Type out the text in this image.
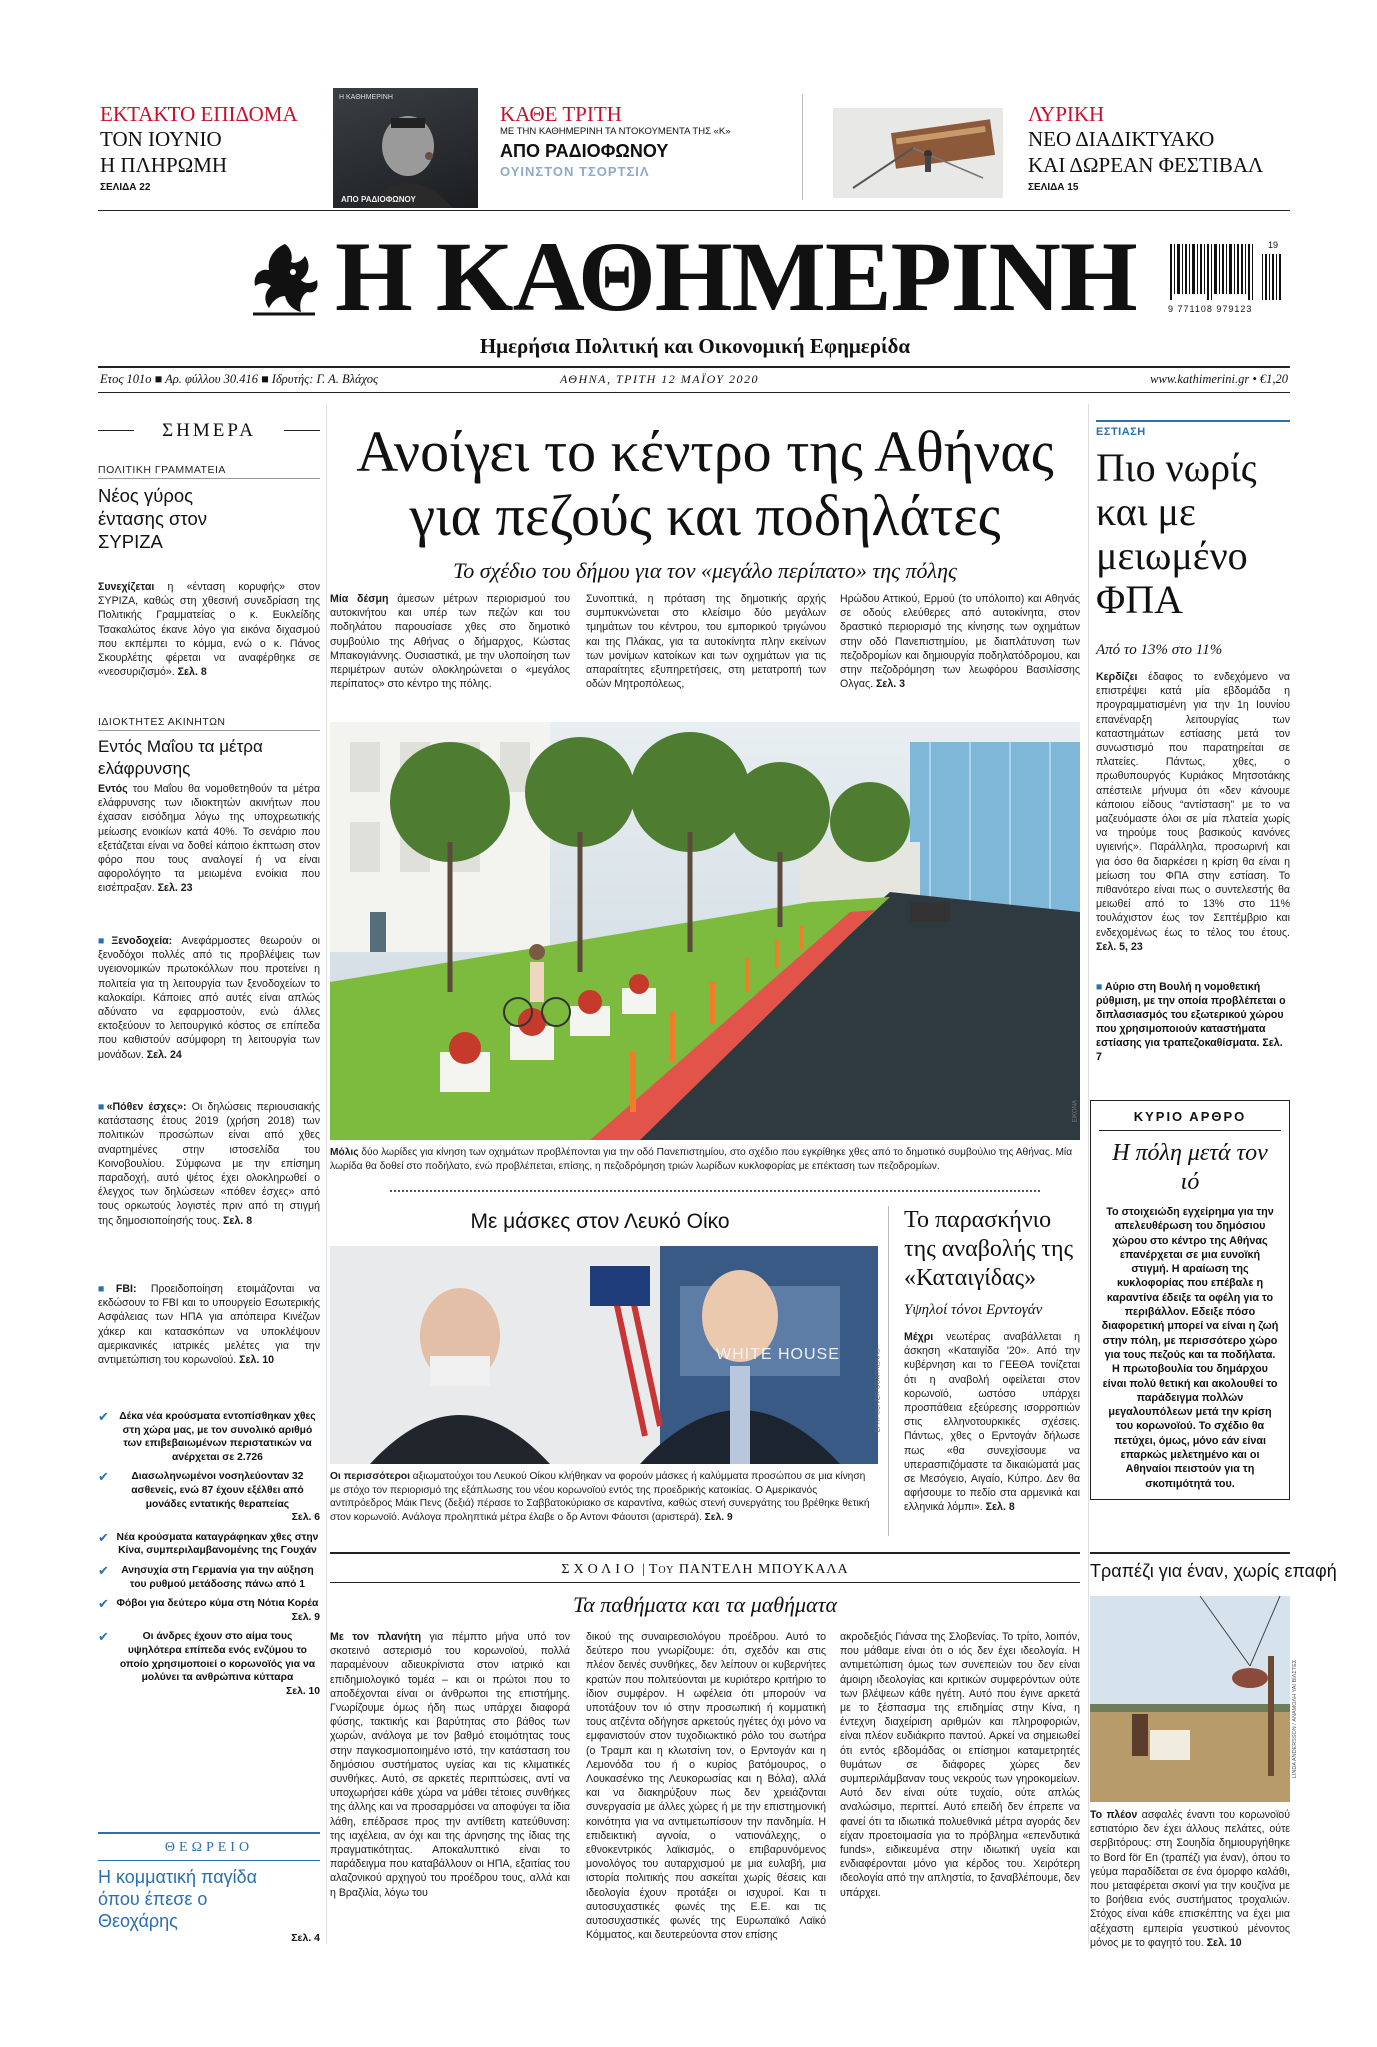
ΕΚΤΑΚΤΟ ΕΠΙΔΟΜΑ
ΤΟΝ ΙΟΥΝΙΟ
Η ΠΛΗΡΩΜΗ
ΣΕΛΙΔΑ 22
Η ΚΑΘΗΜΕΡΙΝΗ
ΑΠΟ ΡΑΔΙΟΦΩΝΟΥ
ΚΑΘΕ ΤΡΙΤΗ
ΜΕ ΤΗΝ ΚΑΘΗΜΕΡΙΝΗ ΤΑ ΝΤΟΚΟΥΜΕΝΤΑ ΤΗΣ «Κ»
ΑΠΟ ΡΑΔΙΟΦΩΝΟΥ
ΟΥΙΝΣΤΟΝ ΤΣΟΡΤΣΙΛ
ΛΥΡΙΚΗ
ΝΕΟ ΔΙΑΔΙΚΤΥΑΚΟ
ΚΑΙ ΔΩΡΕΑΝ ΦΕΣΤΙΒΑΛ
ΣΕΛΙΔΑ 15
Η ΚΑΘΗΜΕΡΙΝΗ	19
9 771108 979123
Ημερήσια Πολιτική και Οικονομική Εφημερίδα
Ετος 101ο ■ Αρ. φύλλου 30.416 ■ Ιδρυτής: Γ. Α. Βλάχος	ΑΘΗΝΑ, ΤΡΙΤΗ 12 ΜΑΪΟΥ 2020	www.kathimerini.gr • €1,20
ΣΗΜΕΡΑ
ΠΟΛΙΤΙΚΗ ΓΡΑΜΜΑΤΕΙΑ
Νέος γύρος έντασης στον ΣΥΡΙΖΑ
Συνεχίζεται η «ένταση κορυφής» στον ΣΥΡΙΖΑ, καθώς στη χθεσινή συνεδρίαση της Πολιτικής Γραμματείας ο κ. Ευκλείδης Τσακαλώτος έκανε λόγο για εικόνα διχασμού που εκπέμπει το κόμμα, ενώ ο κ. Πάνος Σκουρλέτης φέρεται να αναφέρθηκε σε «νεοσυριζισμό». Σελ. 8
ΙΔΙΟΚΤΗΤΕΣ ΑΚΙΝΗΤΩΝ
Εντός Μαΐου τα μέτρα ελάφρυνσης
Εντός του Μαΐου θα νομοθετηθούν τα μέτρα ελάφρυνσης των ιδιοκτητών ακινήτων που έχασαν εισόδημα λόγω της υποχρεωτικής μείωσης ενοικίων κατά 40%. Το σενάριο που εξετάζεται είναι να δοθεί κάποιο έκπτωση στον φόρο που τους αναλογεί ή να είναι αφορολόγητο τα μειωμένα ενοίκια που εισέπραξαν. Σελ. 23
■Ξενοδοχεία: Ανεφάρμοστες θεωρούν οι ξενοδόχοι πολλές από τις προβλέψεις των υγειονομικών πρωτοκόλλων που προτείνει η πολιτεία για τη λειτουργία των ξενοδοχείων το καλοκαίρι. Κάποιες από αυτές είναι απλώς αδύνατο να εφαρμοστούν, ενώ άλλες εκτοξεύουν το λειτουργικό κόστος σε επίπεδα που καθιστούν ασύμφορη τη λειτουργία των μονάδων. Σελ. 24
■«Πόθεν έσχες»: Οι δηλώσεις περιουσιακής κατάστασης έτους 2019 (χρήση 2018) των πολιτικών προσώπων είναι από χθες αναρτημένες στην ιστοσελίδα του Κοινοβουλίου. Σύμφωνα με την επίσημη παραδοχή, αυτό ψέτος έχει ολοκληρωθεί ο έλεγχος των δηλώσεων «πόθεν έσχες» από τους ορκωτούς λογιστές πριν από τη στιγμή της δημοσιοποίησής τους. Σελ. 8
■FBI: Προειδοποίηση ετοιμάζονται να εκδώσουν το FBI και το υπουργείο Εσωτερικής Ασφάλειας των ΗΠΑ για απόπειρα Κινέζων χάκερ και κατασκόπων να υποκλέψουν αμερικανικές ιατρικές μελέτες για την αντιμετώπιση του κορωνοϊού. Σελ. 10
✔	Δέκα νέα κρούσματα εντοπίσθηκαν χθες στη χώρα μας, με τον συνολικό αριθμό των επιβεβαιωμένων περιστατικών να ανέρχεται σε 2.726
✔	Διασωληνωμένοι νοσηλεύονταν 32 ασθενείς, ενώ 87 έχουν εξέλθει από μονάδες εντατικής θεραπείας
Σελ. 6
✔ Νέα κρούσματα καταγράφηκαν χθες στην Κίνα, συμπεριλαμβανομένης της Γουχάν
✔	Ανησυχία στη Γερμανία για την αύξηση του ρυθμού μετάδοσης πάνω από 1
✔ Φόβοι για δεύτερο κύμα στη Νότια Κορέα
Σελ. 9
✔	Οι άνδρες έχουν στο αίμα τους υψηλότερα επίπεδα ενός ενζύμου το οποίο χρησιμοποιεί ο κορωνοϊός για να μολύνει τα ανθρώπινα κύτταρα
Σελ. 10
ΘΕΩΡΕΙΟ
Η κομματική παγίδα όπου έπεσε ο Θεοχάρης
Σελ. 4
Ανοίγει το κέντρο της Αθήνας
για πεζούς και ποδηλάτες
Το σχέδιο του δήμου για τον «μεγάλο περίπατο» της πόλης
Μία δέσμη άμεσων μέτρων περιορισμού του αυτοκινήτου και υπέρ των πεζών και του ποδηλάτου παρουσίασε χθες στο δημοτικό συμβούλιο της Αθήνας ο δήμαρχος, Κώστας Μπακογιάννης. Ουσιαστικά, με την υλοποίηση των περιμέτρων αυτών ολοκληρώνεται ο «μεγάλος περίπατος» στο κέντρο της πόλης.
Συνοπτικά, η πρόταση της δημοτικής αρχής συμπυκνώνεται στο κλείσιμο δύο μεγάλων τμημάτων του κέντρου, του εμπορικού τριγώνου και της Πλάκας, για τα αυτοκίνητα πλην εκείνων των μονίμων κατοίκων και των οχημάτων για τις απαραίτητες εξυπηρετήσεις, στη μετατροπή των οδών Μητροπόλεως,
Ηρώδου Αττικού, Ερμού (το υπόλοιπο) και Αθηνάς σε οδούς ελεύθερες από αυτοκίνητα, στον δραστικό περιορισμό της κίνησης των οχημάτων στην οδό Πανεπιστημίου, με διαπλάτυνση των πεζοδρομίων και δημιουργία ποδηλατόδρομου, και στην πεζοδρόμηση των λεωφόρου Βασιλίσσης Ολγας. Σελ. 3
ΕΙΚΟΝΑ
Μόλις δύο λωρίδες για κίνηση των οχημάτων προβλέπονται για την οδό Πανεπιστημίου, στο σχέδιο που εγκρίθηκε χθες από το δημοτικό συμβούλιο της Αθήνας. Μία λωρίδα θα δοθεί στο ποδήλατο, ενώ προβλέπεται, επίσης, η πεζοδρόμηση τριών λωρίδων κυκλοφορίας με επέκταση των πεζοδρομίων.
Με μάσκες στον Λευκό Οίκο
WHITE HOUSE	EPA / OLIVER CONTRERAS
Οι περισσότεροι αξιωματούχοι του Λευκού Οίκου κλήθηκαν να φορούν μάσκες ή καλύμματα προσώπου σε μια κίνηση με στόχο τον περιορισμό της εξάπλωσης του νέου κορωνοϊού εντός της προεδρικής κατοικίας. Ο Αμερικανός αντιπρόεδρος Μάικ Πενς (δεξιά) πέρασε το Σαββατοκύριακο σε καραντίνα, καθώς στενή συνεργάτης του βρέθηκε θετική στον κορωνοϊό. Ανάλογα προληπτικά μέτρα έλαβε ο δρ Αντονι Φάουτσι (αριστερά). Σελ. 9
Το παρασκήνιο της αναβολής της «Καταιγίδας»
Υψηλοί τόνοι Ερντογάν
Μέχρι νεωτέρας αναβάλλεται η άσκηση «Καταιγίδα '20». Από την κυβέρνηση και το ΓΕΕΘΑ τονίζεται ότι η αναβολή οφείλεται στον κορωνοϊό, ωστόσο υπάρχει προσπάθεια εξεύρεσης ισορροπιών στις ελληνοτουρκικές σχέσεις. Πάντως, χθες ο Ερντογάν δήλωσε πως «θα συνεχίσουμε να υπερασπιζόμαστε τα δικαιώματά μας σε Μεσόγειο, Αιγαίο, Κύπρο. Δεν θα αφήσουμε το πεδίο στα αρμενικά και ελληνικά λόμπι». Σελ. 8
ΣΧΟΛΙΟ | Του ΠΑΝΤΕΛΗ ΜΠΟΥΚΑΛΑ
Τα παθήματα και τα μαθήματα
Με τον πλανήτη για πέμπτο μήνα υπό τον σκοτεινό αστερισμό του κορωνοϊού, πολλά παραμένουν αδιευκρίνιστα στον ιατρικό και επιδημιολογικό τομέα – και οι πρώτοι που το αποδέχονται είναι οι άνθρωποι της επιστήμης. Γνωρίζουμε όμως ήδη πως υπάρχει διαφορά φύσης, τακτικής και βαρύτητας στο βάθος των χωρών, ανάλογα με τον βαθμό ετοιμότητας τους στην παγκοσμιοποιημένο ιστό, την κατάσταση του δημόσιου συστήματος υγείας και τις κλιματικές συνθήκες. Αυτό, σε αρκετές περιπτώσεις, αντί να υποχωρήσει κάθε χώρα να μάθει τέτοιες συνθήκες της άλλης και να προσαρμόσει να αποφύγει τα ίδια λάθη, επέδρασε προς την αντίθετη κατεύθυνση: της ιαχέλεια, αν όχι και της άρνησης της ίδιας της πραγματικότητας. Αποκαλυπτικό είναι το παράδειγμα που καταβάλλουν οι ΗΠΑ, εξαιτίας του αλαζονικού αρχηγού του προέδρου τους, αλλά και η Βραζιλία, λόγω του
δικού της συναιρεσιολόγου προέδρου. Αυτό το δεύτερο που γνωρίζουμε: ότι, σχεδόν και στις πλέον δεινές συνθήκες, δεν λείπουν οι κυβερνήτες κρατών που πολιτεύονται με κυριότερο κριτήριο το ίδιον συμφέρον. Η ωφέλεια ότι μπορούν να υποτάξουν τον ιό στην προσωπική ή κομματική τους ατζέντα οδήγησε αρκετούς ηγέτες όχι μόνο να εμφανιστούν στον τυχοδιωκτικό ρόλο του σωτήρα (ο Τραμπ και η κλωτσίνη τον, ο Ερντογάν και η Λεμονόδα του ή ο κυρίος βατόμουρος, ο Λουκασένκο της Λευκορωσίας και η Βόλα), αλλά και να διακηρύξουν πως δεν χρειάζονται συνεργασία με άλλες χώρες ή με την επιστημονική κοινότητα για να αντιμετωπίσουν την πανδημία. Η επιδεικτική αγνοία, ο νατιονάλεχης, ο εθνοκεντρικός λαϊκισμός, ο επιβαρυνόμενος μονολόγος του αυταρχισμού με μια ευλαβή, μια ιστορία πολιτικής που ασκείται χωρίς θέσεις και ιδεολογία έχουν προτάξει οι ισχυροί. Και τι αυτοσυχαστικές φωνές της Ε.Ε. και τις αυτοσυχαστικές φωνές της Ευρωπαϊκό Λαϊκό Κόμματος, και δευτερεύοντα στον επίσης
ακροδεξιός Γιάνσα της Σλοβενίας. Το τρίτο, λοιπόν, που μάθαμε είναι ότι ο ιός δεν έχει ιδεολογία. Η αντιμετώπιση όμως των συνεπειών του δεν είναι άμοιρη ιδεολογίας και κριτικών συμφερόντων ούτε των βλέψεων κάθε ηγέτη. Αυτό που έγινε αρκετά με το ξέσπασμα της επιδημίας στην Κίνα, η έντεχνη διαχείριση αριθμών και πληροφοριών, είναι πλέον ευδιάκριτο παντού. Αρκεί να σημειωθεί ότι εντός εβδομάδας οι επίσημοι καταμετρητές θυμάτων σε διάφορες χώρες δεν συμπεριλάμβαναν τους νεκρούς των γηροκομείων. Αυτό δεν είναι ούτε τυχαίο, ούτε απλώς αναλώσιμο, περιττεί. Αυτό επειδή δεν έπρεπε να φανεί ότι τα ιδιωτικά πολυεθνικά μέτρα αγοράς δεν είχαν προετοιμασία για το πρόβλημα «επενδυτικά funds», ειδικευμένα στην ιδιωτική υγεία και ενδιαφέρονται μόνο για κέρδος του. Χειρότερη ιδεολογία από την απληστία, το ξαναβλέπουμε, δεν υπάρχει.
ΕΣΤΙΑΣΗ
Πιο νωρίς και με μειωμένο ΦΠΑ
Από το 13% στο 11%
Κερδίζει έδαφος το ενδεχόμενο να επιστρέψει κατά μία εβδομάδα η προγραμματισμένη για την 1η Ιουνίου επανέναρξη λειτουργίας των καταστημάτων εστίασης μετά τον συνωστισμό που παρατηρείται σε πλατείες. Πάντως, χθες, ο πρωθυπουργός Κυριάκος Μητσοτάκης απέστειλε μήνυμα ότι «δεν κάνουμε κάποιου είδους “αντίσταση” με το να μαζευόμαστε όλοι σε μία πλατεία χωρίς να τηρούμε τους βασικούς κανόνες υγιεινής». Παράλληλα, προσωρινή και για όσο θα διαρκέσει η κρίση θα είναι η μείωση του ΦΠΑ στην εστίαση. Το πιθανότερο είναι πως ο συντελεστής θα μειωθεί από το 13% στο 11% τουλάχιστον έως τον Σεπτέμβριο και ενδεχομένως έως το τέλος του έτους. Σελ. 5, 23
■ Αύριο στη Βουλή η νομοθετική ρύθμιση, με την οποία προβλέπεται ο διπλασιασμός του εξωτερικού χώρου που χρησιμοποιούν καταστήματα εστίασης για τραπεζοκαθίσματα. Σελ. 7
ΚΥΡΙΟ ΑΡΘΡΟ
Η πόλη μετά τον ιό
Το στοιχειώδη εγχείρημα για την απελευθέρωση του δημόσιου χώρου στο κέντρο της Αθήνας επανέρχεται σε μια ευνοϊκή στιγμή. Η αραίωση της κυκλοφορίας που επέβαλε η καραντίνα έδειξε τα οφέλη για το περιβάλλον. Εδειξε πόσο διαφορετική μπορεί να είναι η ζωή στην πόλη, με περισσότερο χώρο για τους πεζούς και τα ποδήλατα. Η πρωτοβουλία του δημάρχου είναι πολύ θετική και ακολουθεί το παράδειγμα πολλών μεγαλουπόλεων μετά την κρίση του κορωνοϊού. Το σχέδιο θα πετύχει, όμως, μόνο εάν είναι επαρκώς μελετημένο και οι Αθηναίοι πειστούν για τη σκοπιμότητά του.
Τραπέζι για έναν, χωρίς επαφή
LINDA ANDERSSON / ΑΝΑΜΟΛΗ ΥΑΙ ΒΙΛΣΤΕΣ
Το πλέον ασφαλές έναντι του κορωνοϊού εστιατόριο δεν έχει άλλους πελάτες, ούτε σερβιτόρους: στη Σουηδία δημιουργήθηκε το Bord för En (τραπέζι για έναν), όπου το γεύμα παραδίδεται σε ένα όμορφο καλάθι, που μεταφέρεται σκοινί για την κουζίνα με το βοήθεια ενός συστήματος τροχαλιών. Στόχος είναι κάθε επισκέπτης να έχει μια αξέχαστη εμπειρία γευστικού μένοντος μόνος με το φαγητό του. Σελ. 10
